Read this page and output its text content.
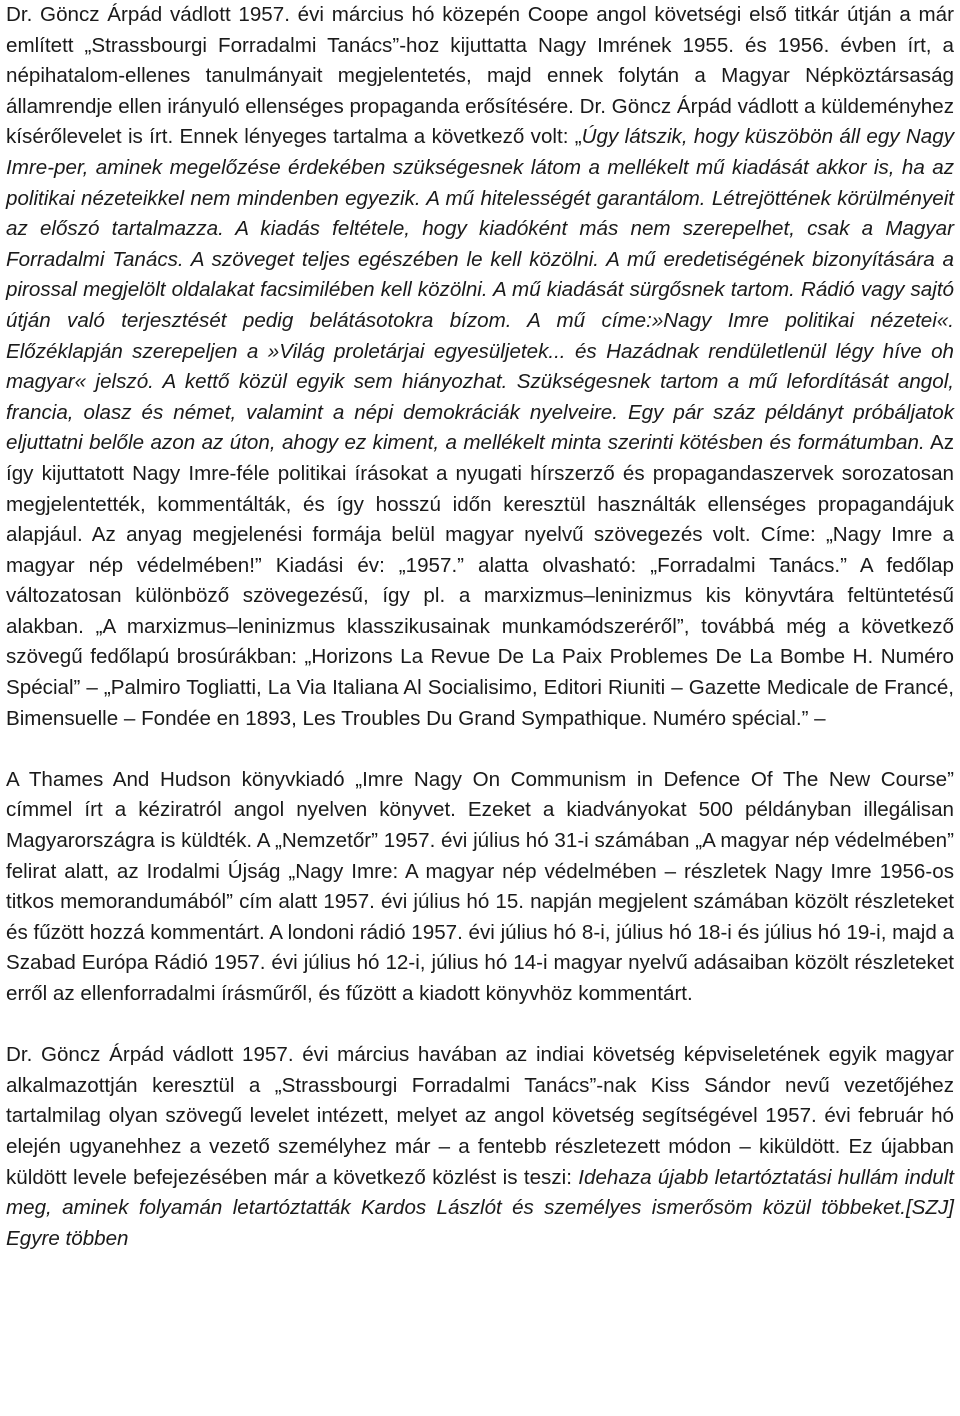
Dr. Göncz Árpád vádlott 1957. évi március hó közepén Coope angol követségi első titkár útján a már említett „Strassbourgi Forradalmi Tanács”-hoz kijuttatta Nagy Imrének 1955. és 1956. évben írt, a népihatalom-ellenes tanulmányait megjelentetés, majd ennek folytán a Magyar Népköztársaság államrendje ellen irányuló ellenséges propaganda erősítésére. Dr. Göncz Árpád vádlott a küldeményhez kísérőlevelet is írt. Ennek lényeges tartalma a következő volt: „Úgy látszik, hogy küszöbön áll egy Nagy Imre-per, aminek megelőzése érdekében szükségesnek látom a mellékelt mű kiadását akkor is, ha az politikai nézeteikkel nem mindenben egyezik. A mű hitelességét garantálom. Létrejöttének körülményeit az előszó tartalmazza. A kiadás feltétele, hogy kiadóként más nem szerepelhet, csak a Magyar Forradalmi Tanács. A szöveget teljes egészében le kell közölni. A mű eredetiségének bizonyítására a pirossal megjelölt oldalakat facsimilében kell közölni. A mű kiadását sürgősnek tartom. Rádió vagy sajtó útján való terjesztését pedig belátásotokra bízom. A mű címe:»Nagy Imre politikai nézetei«. Előzéklapján szerepeljen a »Világ proletárjai egyesüljetek... és Hazádnak rendületlenül légy híve oh magyar« jelszó. A kettő közül egyik sem hiányozhat. Szükségesnek tartom a mű lefordítását angol, francia, olasz és német, valamint a népi demokráciák nyelveire. Egy pár száz példányt próbáljatok eljuttatni belőle azon az úton, ahogy ez kiment, a mellékelt minta szerinti kötésben és formátumban. Az így kijuttatott Nagy Imre-féle politikai írásokat a nyugati hírszerző és propagandaszervek sorozatosan megjelentették, kommentálták, és így hosszú időn keresztül használták ellenséges propagandájuk alapjául. Az anyag megjelenési formája belül magyar nyelvű szövegezés volt. Címe: „Nagy Imre a magyar nép védelmében!” Kiadási év: „1957.” alatta olvasható: „Forradalmi Tanács.” A fedőlap változatosan különböző szövegezésű, így pl. a marxizmus–leninizmus kis könyvtára feltüntetésű alakban. „A marxizmus–leninizmus klasszikusainak munkamódszeréről”, továbbá még a következő szövegű fedőlapú brosúrákban: „Horizons La Revue De La Paix Problemes De La Bombe H. Numéro Spécial” – „Palmiro Togliatti, La Via Italiana Al Socialisimo, Editori Riuniti – Gazette Medicale de Francé, Bimensuelle – Fondée en 1893, Les Troubles Du Grand Sympathique. Numéro spécial.” –

A Thames And Hudson könyvkiadó „Imre Nagy On Communism in Defence Of The New Course” címmel írt a kéziratról angol nyelven könyvet. Ezeket a kiadványokat 500 példányban illegálisan Magyarországra is küldték. A „Nemzetőr” 1957. évi július hó 31-i számában „A magyar nép védelmében” felirat alatt, az Irodalmi Újság „Nagy Imre: A magyar nép védelmében – részletek Nagy Imre 1956-os titkos memorandumából” cím alatt 1957. évi július hó 15. napján megjelent számában közölt részleteket és fűzött hozzá kommentárt. A londoni rádió 1957. évi július hó 8-i, július hó 18-i és július hó 19-i, majd a Szabad Európa Rádió 1957. évi július hó 12-i, július hó 14-i magyar nyelvű adásaiban közölt részleteket erről az ellenforradalmi írásműről, és fűzött a kiadott könyvhöz kommentárt.

Dr. Göncz Árpád vádlott 1957. évi március havában az indiai követség képviseletének egyik magyar alkalmazottján keresztül a „Strassbourgi Forradalmi Tanács”-nak Kiss Sándor nevű vezetőjéhez tartalmilag olyan szövegű levelet intézett, melyet az angol követség segítségével 1957. évi február hó elején ugyanehhez a vezető személyhez már – a fentebb részletezett módon – kiküldött. Ez újabban küldött levele befejezésében már a következő közlést is teszi: Idehaza újabb letartóztatási hullám indult meg, aminek folyamán letartóztatták Kardos Lászlót és személyes ismerősöm közül többeket.[SZJ] Egyre többen
